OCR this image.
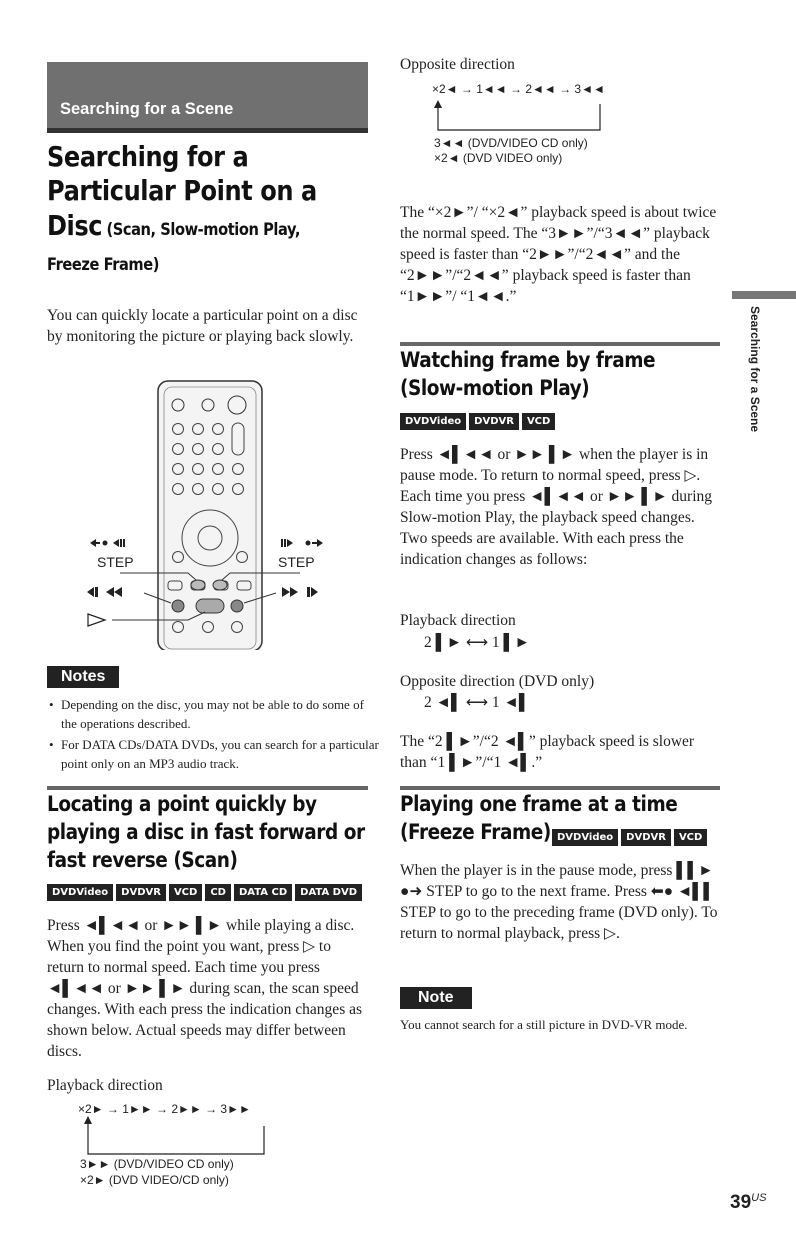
Searching for a Scene
Searching for a
Particular Point on a
Disc (Scan, Slow-motion Play,
Freeze Frame)

You can quickly locate a particular point on a disc by monitoring the picture or playing back slowly.

STEP	STEP
Notes
• Depending on the disc, you may not be able to do some of the operations described.
• For DATA CDs/DATA DVDs, you can search for a particular point only on an MP3 audio track.
Locating a point quickly by
playing a disc in fast forward or
fast reverse (Scan)
DVDVideo DVDVR VCD CD DATA CD DATA DVD

Press ◄▌◄◄ or ►► ▌► while playing a disc. When you find the point you want, press ▷ to return to normal speed. Each time you press ◄▌◄◄ or ►► ▌► during scan, the scan speed changes. With each press the indication changes as shown below. Actual speeds may differ between discs.

Playback direction

×2► → 1►► → 2►► → 3►►
3►► (DVD/VIDEO CD only)
×2► (DVD VIDEO/CD only)

Opposite direction

×2◄ → 1◄◄ → 2◄◄ → 3◄◄
3◄◄ (DVD/VIDEO CD only)
×2◄ (DVD VIDEO only)

The “×2►”/ “×2◄” playback speed is about twice the normal speed. The “3►►”/“3◄◄” playback speed is faster than “2►►”/“2◄◄” and the “2►►”/“2◄◄” playback speed is faster than “1►►”/ “1◄◄.”

Watching frame by frame
(Slow-motion Play)
DVDVideo DVDVR VCD

Press ◄▌◄◄ or ►► ▌► when the player is in pause mode. To return to normal speed, press ▷. Each time you press ◄▌◄◄ or ►► ▌► during Slow-motion Play, the playback speed changes. Two speeds are available. With each press the indication changes as follows:

Playback direction

2 ▌► ⟷ 1 ▌►

Opposite direction (DVD only)

2 ◄▌ ⟷ 1 ◄▌

The “2 ▌►”/“2 ◄▌” playback speed is slower than “1 ▌►”/“1 ◄▌.”

Playing one frame at a time
(Freeze Frame) DVDVideo DVDVR VCD

When the player is in the pause mode, press ▌▌► ●➜ STEP to go to the next frame. Press ⬅● ◄▌▌ STEP to go to the preceding frame (DVD only). To return to normal playback, press ▷.

Note

You cannot search for a still picture in DVD-VR mode.

Searching for a Scene
$39^{US}$
